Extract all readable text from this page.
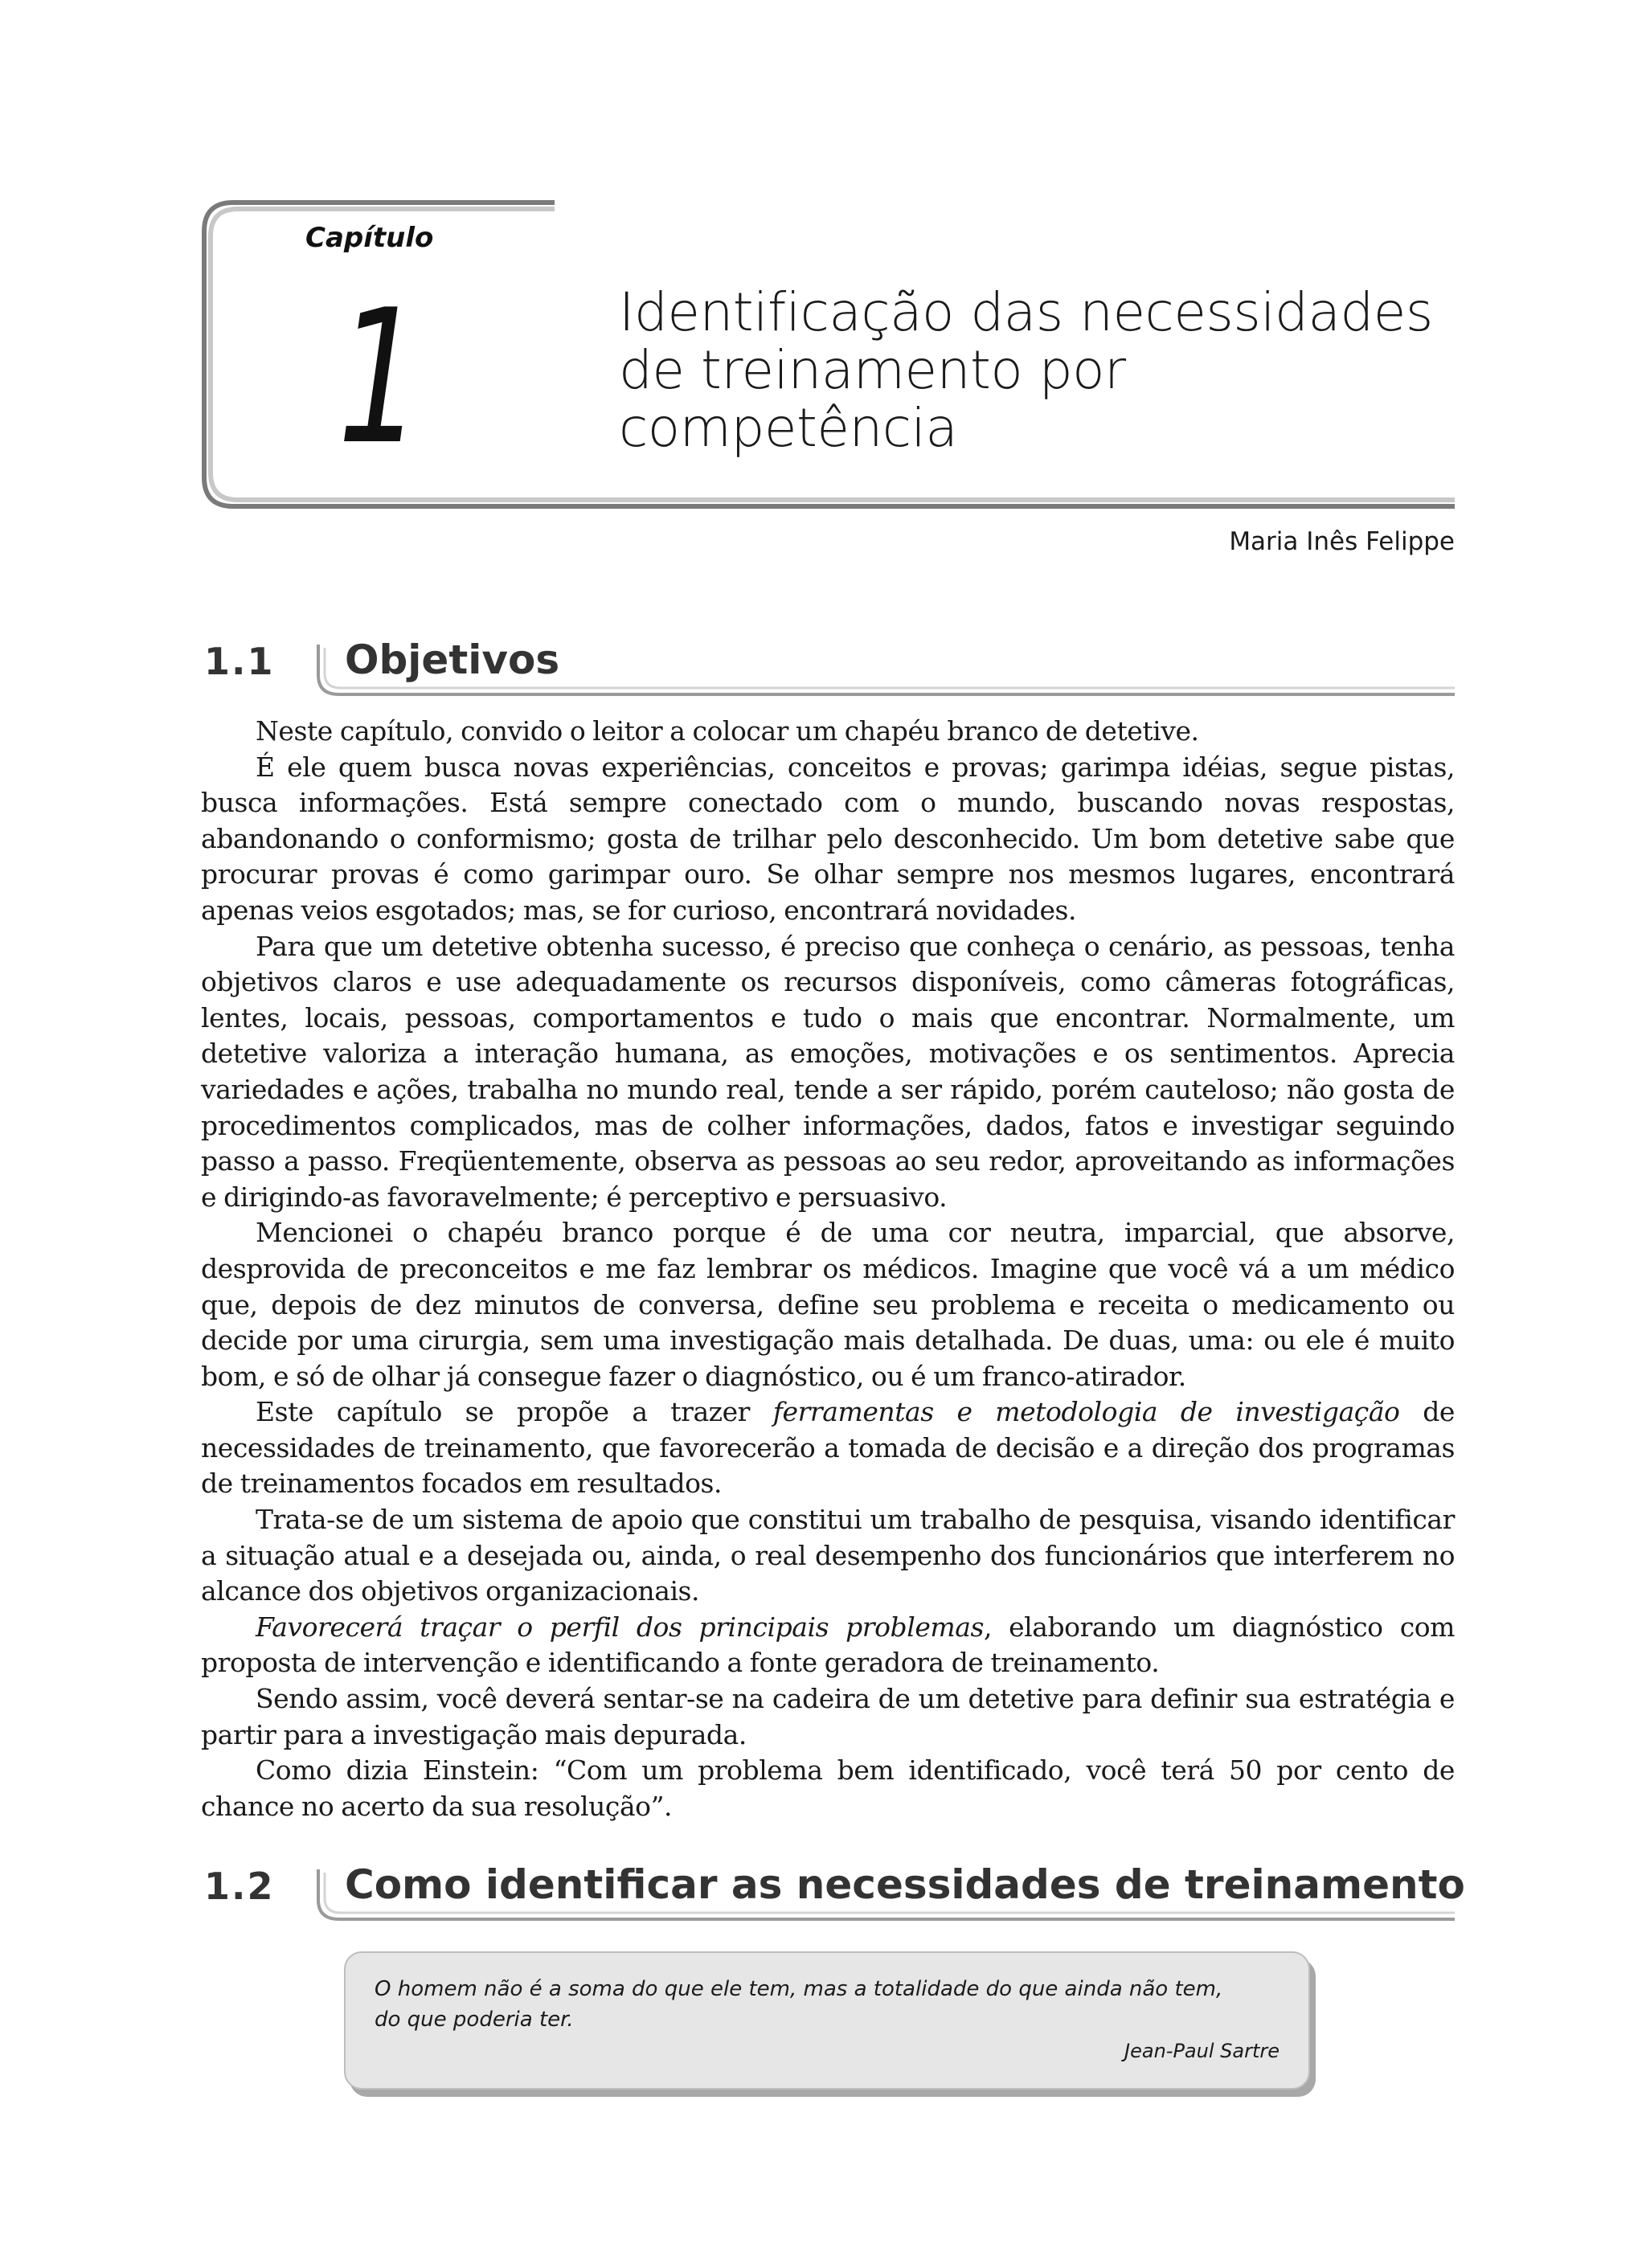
Capítulo
1	Identificação das necessidades
de treinamento por
competência
Maria Inês Felippe
1.1 Objetivos

Neste capítulo, convido o leitor a colocar um chapéu branco de detetive.

É ele quem busca novas experiências, conceitos e provas; garimpa idéias, segue pistas, busca informações. Está sempre conectado com o mundo, buscando novas respostas, abandonando o conformismo; gosta de trilhar pelo desconhecido. Um bom detetive sabe que procurar provas é como garimpar ouro. Se olhar sempre nos mesmos lugares, encontrará apenas veios esgotados; mas, se for curioso, encontrará novidades.

Para que um detetive obtenha sucesso, é preciso que conheça o cenário, as pessoas, tenha objetivos claros e use adequadamente os recursos disponíveis, como câmeras fotográficas, lentes, locais, pessoas, comportamentos e tudo o mais que encontrar. Normalmente, um detetive valoriza a interação humana, as emoções, motivações e os sentimentos. Aprecia variedades e ações, trabalha no mundo real, tende a ser rápido, porém cauteloso; não gosta de procedimentos complicados, mas de colher informações, dados, fatos e investigar seguindo passo a passo. Freqüentemente, observa as pessoas ao seu redor, aproveitando as informações e dirigindo-as favoravelmente; é perceptivo e persuasivo.

Mencionei o chapéu branco porque é de uma cor neutra, imparcial, que absorve, desprovida de preconceitos e me faz lembrar os médicos. Imagine que você vá a um médico que, depois de dez minutos de conversa, define seu problema e receita o medicamento ou decide por uma cirurgia, sem uma investigação mais detalhada. De duas, uma: ou ele é muito bom, e só de olhar já consegue fazer o diagnóstico, ou é um franco-atirador.

Este capítulo se propõe a trazer ferramentas e metodologia de investigação de necessidades de treinamento, que favorecerão a tomada de decisão e a direção dos programas de treinamentos focados em resultados.

Trata-se de um sistema de apoio que constitui um trabalho de pesquisa, visando identificar a situação atual e a desejada ou, ainda, o real desempenho dos funcionários que interferem no alcance dos objetivos organizacionais.

Favorecerá traçar o perfil dos principais problemas, elaborando um diagnóstico com proposta de intervenção e identificando a fonte geradora de treinamento.

Sendo assim, você deverá sentar-se na cadeira de um detetive para definir sua estratégia e partir para a investigação mais depurada.

Como dizia Einstein: “Com um problema bem identificado, você terá 50 por cento de chance no acerto da sua resolução”.

1.2 Como identificar as necessidades de treinamento
O homem não é a soma do que ele tem, mas a totalidade do que ainda não tem,
do que poderia ter.
Jean-Paul Sartre
